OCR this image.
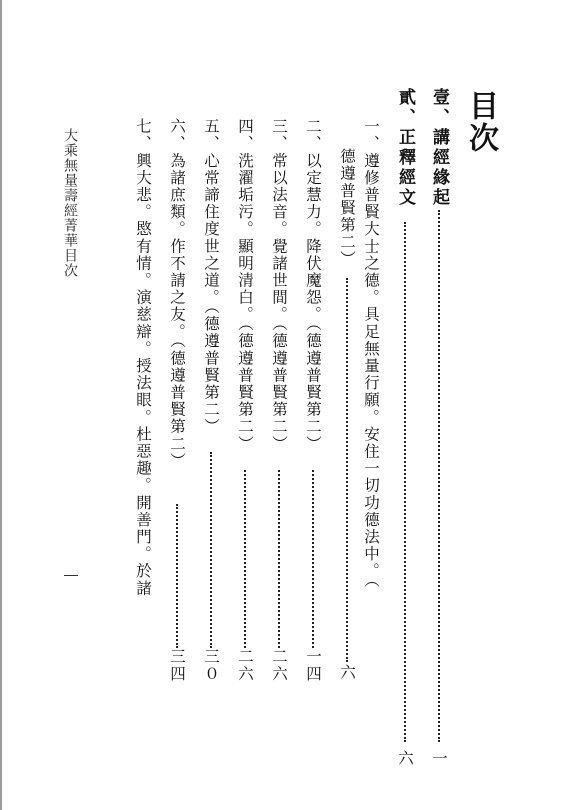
目次
壹、講經緣起
一
貳、正釋經文
六
一、遵修普賢大士之德。具足無量行願。安住一切功德法中。（
德遵普賢第二）
六
二、以定慧力。降伏魔怨。（德遵普賢第二）
一四
三、常以法音。覺諸世間。（德遵普賢第二）
二六
四、洗濯垢污。顯明清白。（德遵普賢第二）
二六
五、心常諦住度世之道。（德遵普賢第二）
三０
六、為諸庶類。作不請之友。（德遵普賢第二）
三四
七、興大悲。愍有情。演慈辯。授法眼。杜惡趣。開善門。於諸
大乘無量壽經菁華目次
